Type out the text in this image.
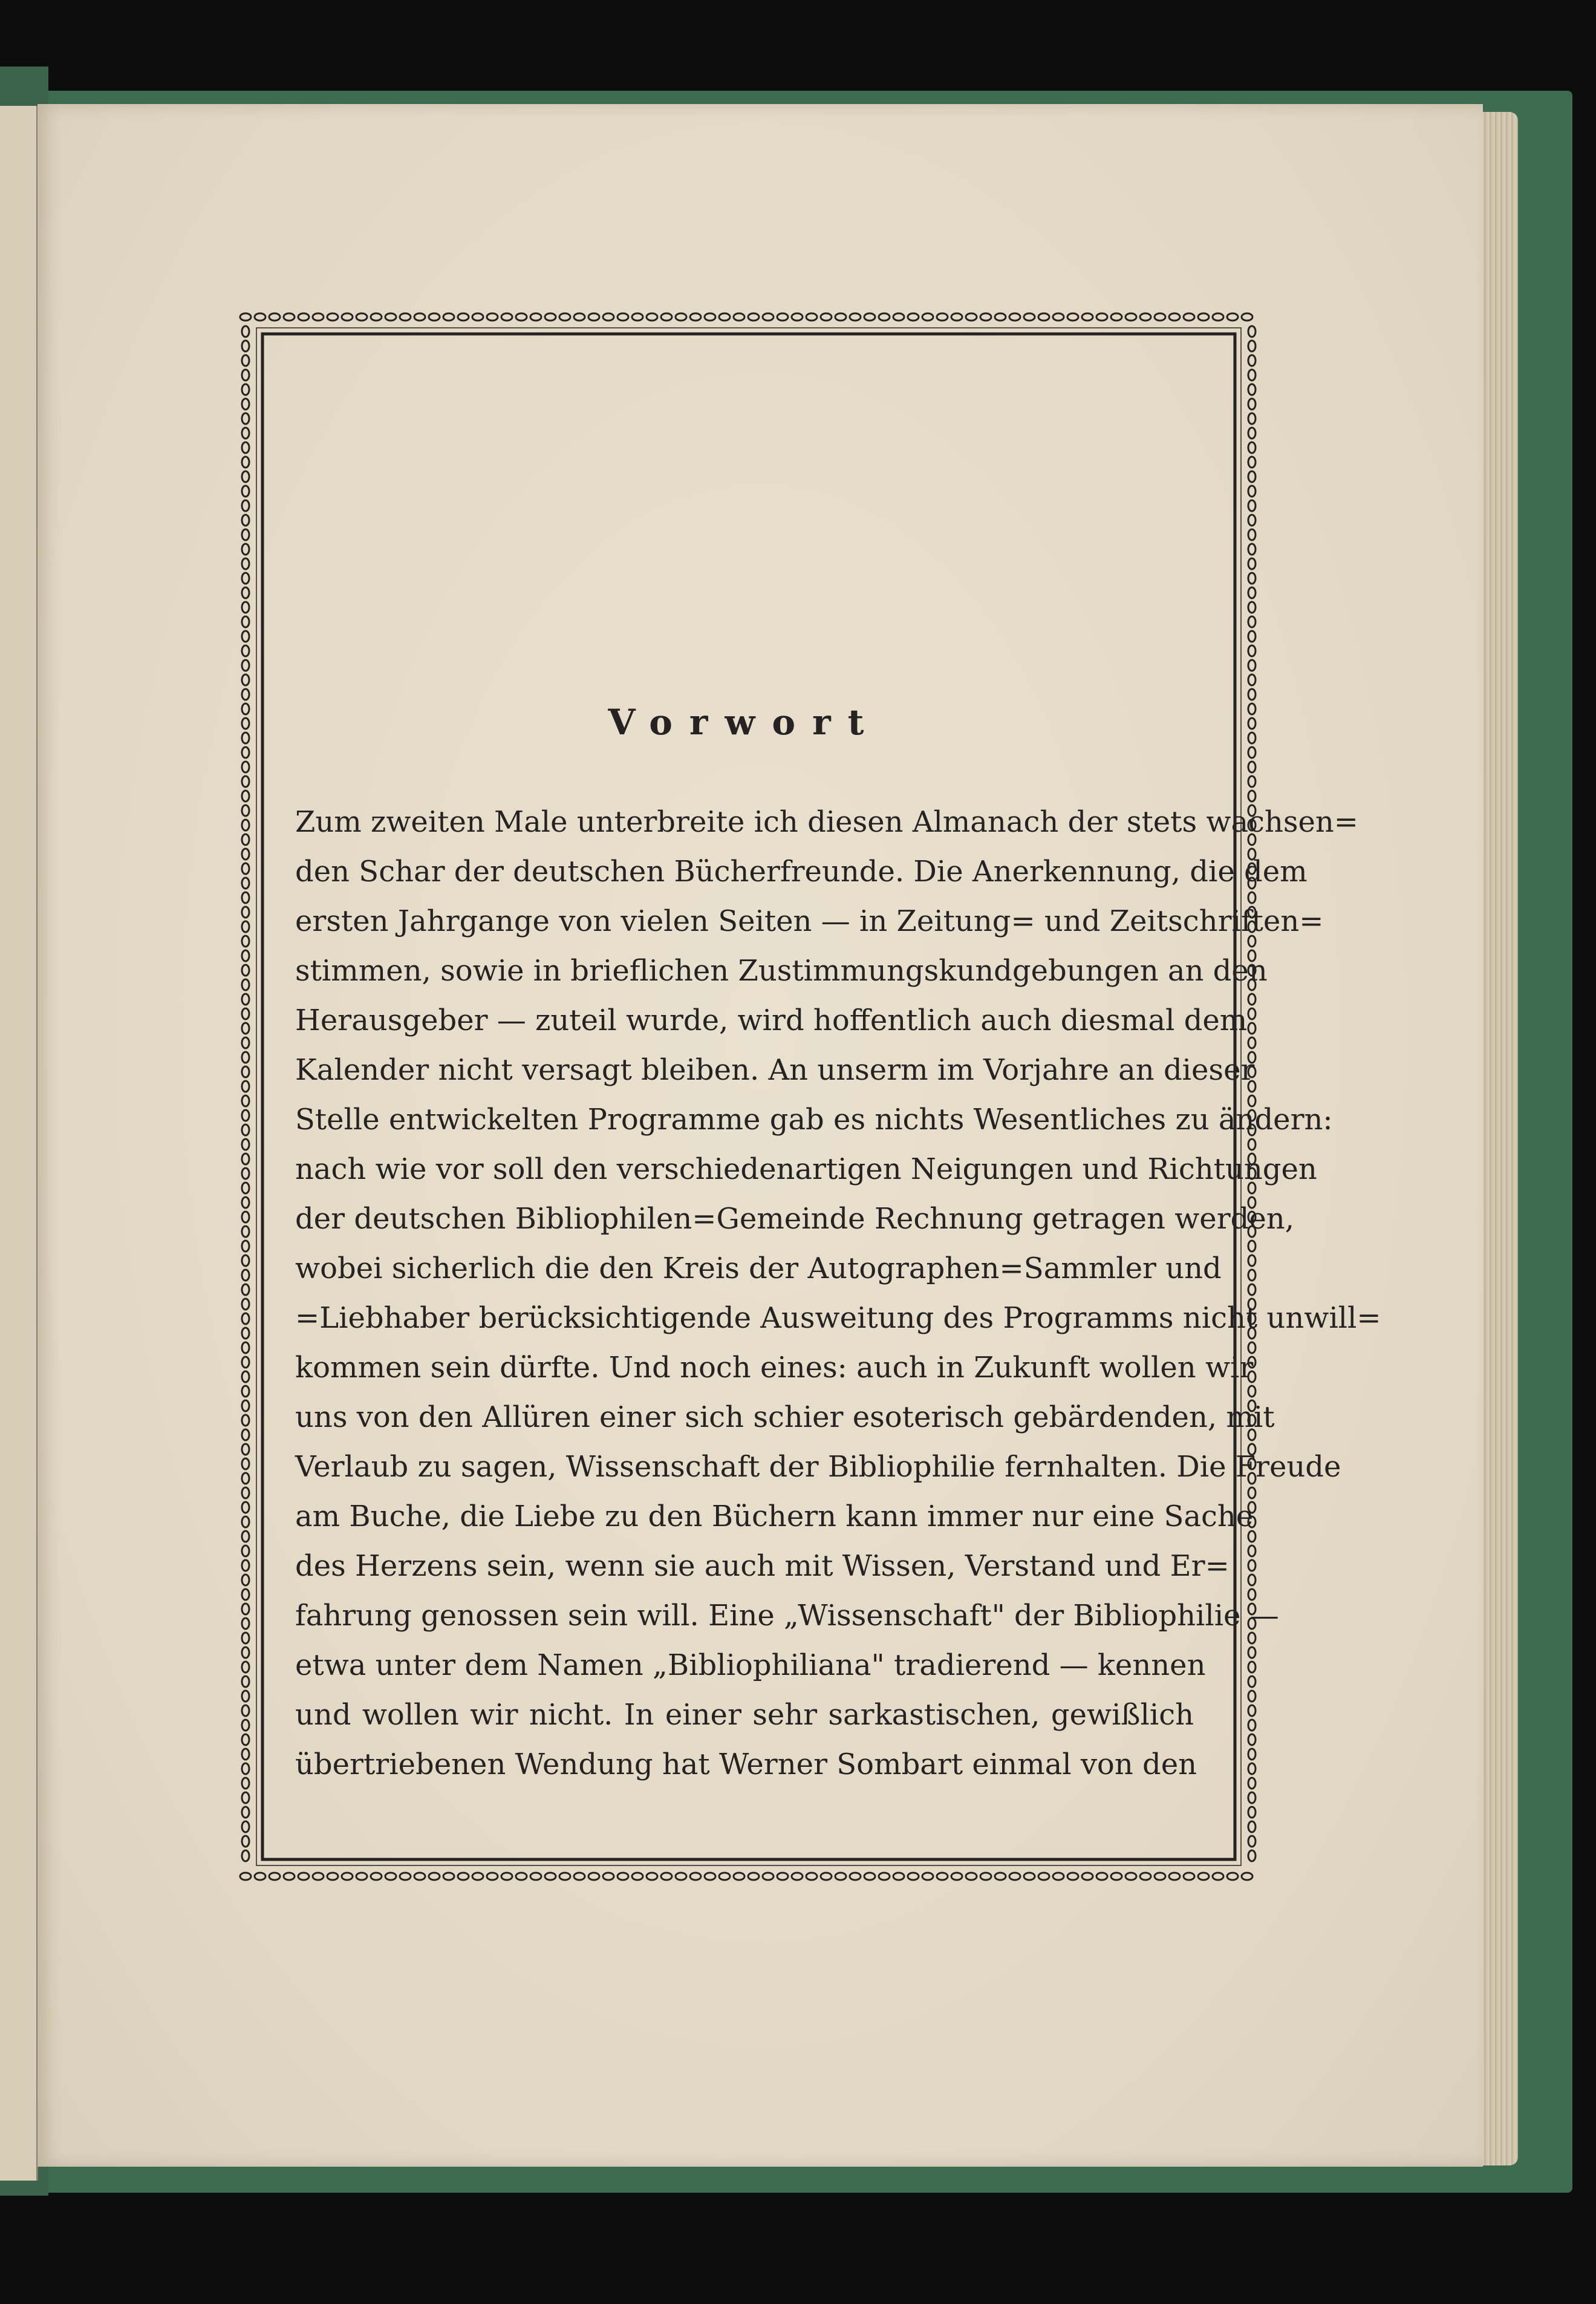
Vorwort
Zum zweiten Male unterbreite ich diesen Almanach der stets wachsen=
den Schar der deutschen Bücherfreunde. Die Anerkennung, die dem
ersten Jahrgange von vielen Seiten — in Zeitung= und Zeitschriften=
stimmen, sowie in brieflichen Zustimmungskundgebungen an den
Herausgeber — zuteil wurde, wird hoffentlich auch diesmal dem
Kalender nicht versagt bleiben. An unserm im Vorjahre an dieser
Stelle entwickelten Programme gab es nichts Wesentliches zu ändern:
nach wie vor soll den verschiedenartigen Neigungen und Richtungen
der deutschen Bibliophilen=Gemeinde Rechnung getragen werden,
wobei sicherlich die den Kreis der Autographen=Sammler und
=Liebhaber berücksichtigende Ausweitung des Programms nicht unwill=
kommen sein dürfte. Und noch eines: auch in Zukunft wollen wir
uns von den Allüren einer sich schier esoterisch gebärdenden, mit
Verlaub zu sagen, Wissenschaft der Bibliophilie fernhalten. Die Freude
am Buche, die Liebe zu den Büchern kann immer nur eine Sache
des Herzens sein, wenn sie auch mit Wissen, Verstand und Er=
fahrung genossen sein will. Eine „Wissenschaft" der Bibliophilie —
etwa unter dem Namen „Bibliophiliana" tradierend — kennen
und wollen wir nicht. In einer sehr sarkastischen, gewißlich
übertriebenen Wendung hat Werner Sombart einmal von den
